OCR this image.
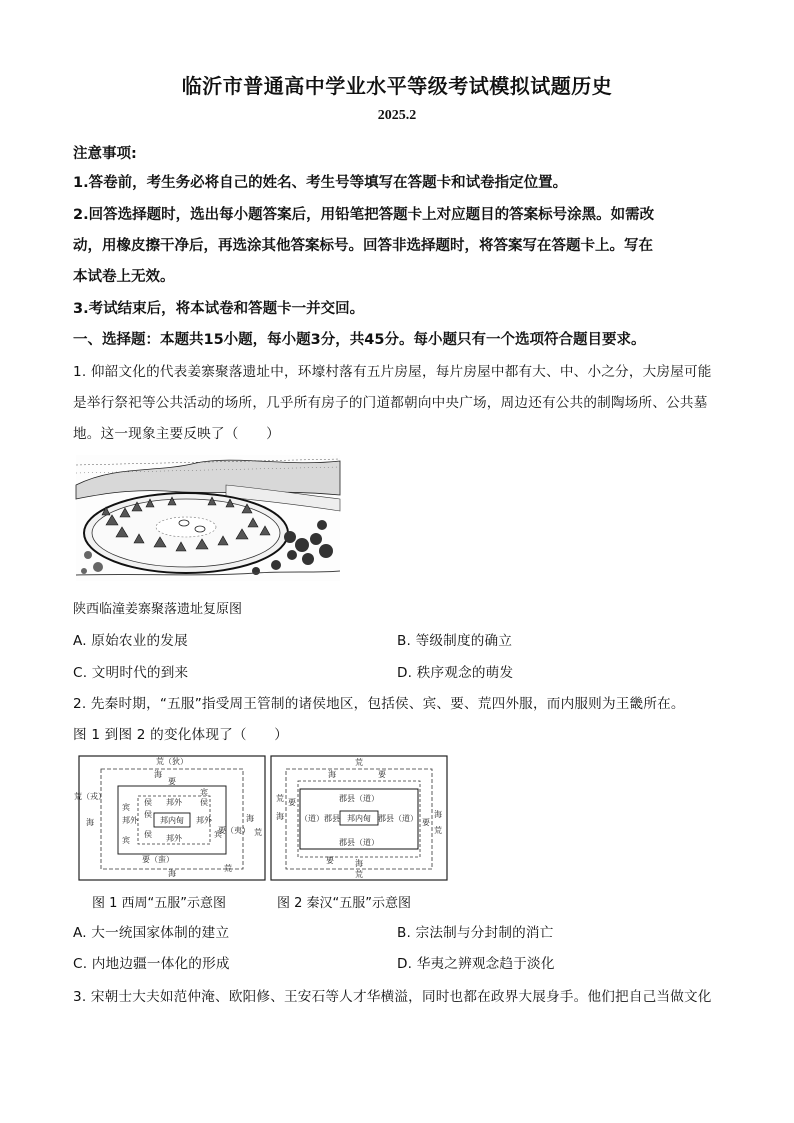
临沂市普通高中学业水平等级考试模拟试题历史
2025.2
注意事项:
1.答卷前，考生务必将自己的姓名、考生号等填写在答题卡和试卷指定位置。
2.回答选择题时，选出每小题答案后，用铅笔把答题卡上对应题目的答案标号涂黑。如需改
动，用橡皮擦干净后，再选涂其他答案标号。回答非选择题时，将答案写在答题卡上。写在
本试卷上无效。
3.考试结束后，将本试卷和答题卡一并交回。
一、选择题：本题共15小题，每小题3分，共45分。每小题只有一个选项符合题目要求。
1. 仰韶文化的代表姜寨聚落遗址中，环壕村落有五片房屋，每片房屋中都有大、中、小之分，大房屋可能
是举行祭祀等公共活动的场所，几乎所有房子的门道都朝向中央广场，周边还有公共的制陶场所、公共墓
地。这一现象主要反映了（　　）
陕西临潼姜寨聚落遗址复原图
A. 原始农业的发展	B. 等级制度的确立
C. 文明时代的到来	D. 秩序观念的萌发
2. 先秦时期，“五服”指受周王管制的诸侯地区，包括侯、宾、要、荒四外服，而内服则为王畿所在。
图 1 到图 2 的变化体现了（　　）
荒（狄）
海
要
宾
侯 邦外 侯
宾
邦外
侯
邦内甸 邦外
宾
侯 邦外
宾
要（蛮）
海
荒（戎）
海
要（夷）
海
荒
荒
荒
海	要
郡县（道）
（道）郡县 邦内甸 郡县（道）
郡县（道）
要
要
要
海	海
海
荒
荒
荒
图 1 西周“五服”示意图	图 2 秦汉“五服”示意图
A. 大一统国家体制的建立	B. 宗法制与分封制的消亡
C. 内地边疆一体化的形成	D. 华夷之辨观念趋于淡化
3. 宋朝士大夫如范仲淹、欧阳修、王安石等人才华横溢，同时也都在政界大展身手。他们把自己当做文化
